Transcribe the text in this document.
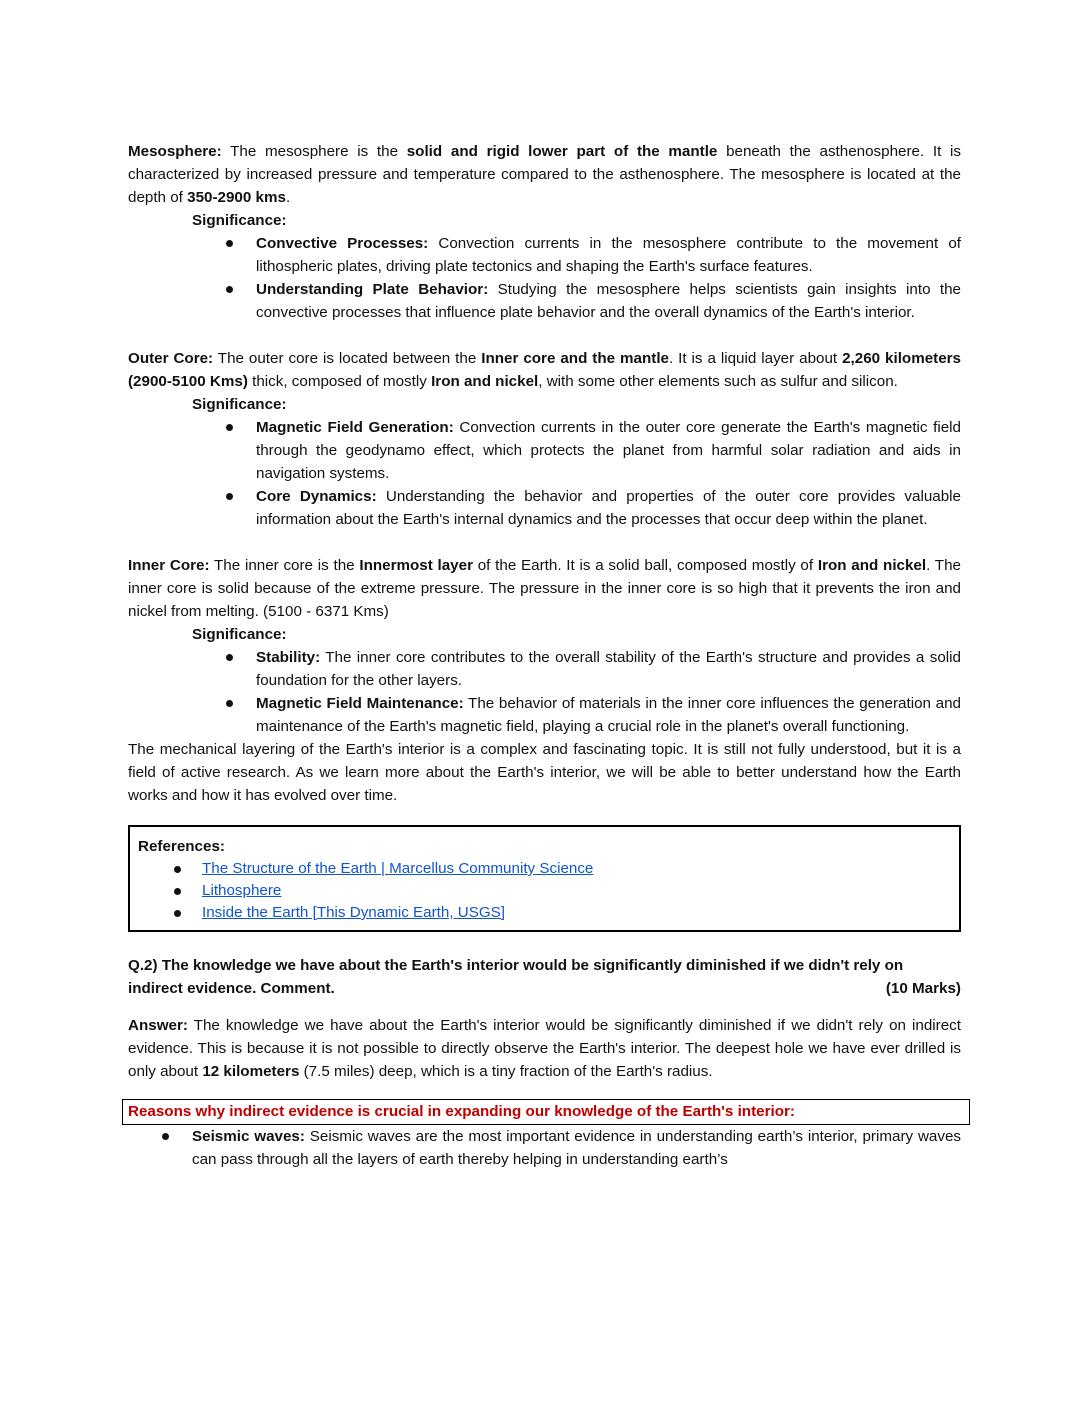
Mesosphere: The mesosphere is the solid and rigid lower part of the mantle beneath the asthenosphere. It is characterized by increased pressure and temperature compared to the asthenosphere. The mesosphere is located at the depth of 350-2900 kms.

Significance:
Convective Processes: Convection currents in the mesosphere contribute to the movement of lithospheric plates, driving plate tectonics and shaping the Earth's surface features.
Understanding Plate Behavior: Studying the mesosphere helps scientists gain insights into the convective processes that influence plate behavior and the overall dynamics of the Earth's interior.

Outer Core: The outer core is located between the Inner core and the mantle. It is a liquid layer about 2,260 kilometers (2900-5100 Kms) thick, composed of mostly Iron and nickel, with some other elements such as sulfur and silicon.

Significance:
Magnetic Field Generation: Convection currents in the outer core generate the Earth's magnetic field through the geodynamo effect, which protects the planet from harmful solar radiation and aids in navigation systems.
Core Dynamics: Understanding the behavior and properties of the outer core provides valuable information about the Earth's internal dynamics and the processes that occur deep within the planet.

Inner Core: The inner core is the Innermost layer of the Earth. It is a solid ball, composed mostly of Iron and nickel. The inner core is solid because of the extreme pressure. The pressure in the inner core is so high that it prevents the iron and nickel from melting. (5100 - 6371 Kms)

Significance:
Stability: The inner core contributes to the overall stability of the Earth's structure and provides a solid foundation for the other layers.
Magnetic Field Maintenance: The behavior of materials in the inner core influences the generation and maintenance of the Earth's magnetic field, playing a crucial role in the planet's overall functioning.

The mechanical layering of the Earth's interior is a complex and fascinating topic. It is still not fully understood, but it is a field of active research. As we learn more about the Earth's interior, we will be able to better understand how the Earth works and how it has evolved over time.

References:
The Structure of the Earth | Marcellus Community Science
Lithosphere
Inside the Earth [This Dynamic Earth, USGS]
Q.2) The knowledge we have about the Earth's interior would be significantly diminished if we didn't rely on
indirect evidence. Comment.	(10 Marks)

Answer: The knowledge we have about the Earth's interior would be significantly diminished if we didn't rely on indirect evidence. This is because it is not possible to directly observe the Earth's interior. The deepest hole we have ever drilled is only about 12 kilometers (7.5 miles) deep, which is a tiny fraction of the Earth's radius.

Reasons why indirect evidence is crucial in expanding our knowledge of the Earth's interior:
Seismic waves: Seismic waves are the most important evidence in understanding earth’s interior, primary waves can pass through all the layers of earth thereby helping in understanding earth’s
